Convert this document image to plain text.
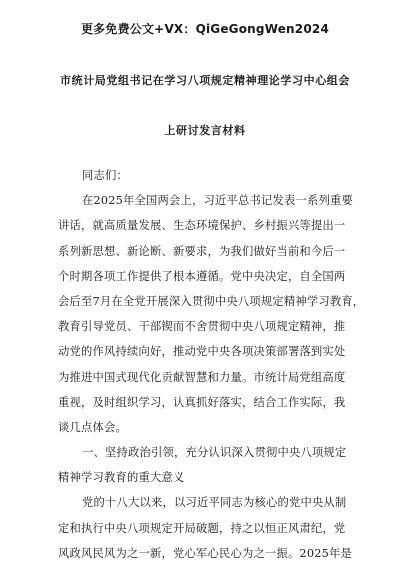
更多免费公文+VX：QiGeGongWen2024
市统计局党组书记在学习八项规定精神理论学习中心组会
上研讨发言材料
同志们：
在2025年全国两会上，习近平总书记发表一系列重要
讲话，就高质量发展、生态环境保护、乡村振兴等提出一
系列新思想、新论断、新要求，为我们做好当前和今后一
个时期各项工作提供了根本遵循。党中央决定，自全国两
会后至7月在全党开展深入贯彻中央八项规定精神学习教育，
教育引导党员、干部锲而不舍贯彻中央八项规定精神，推
动党的作风持续向好，推动党中央各项决策部署落到实处
为推进中国式现代化贡献智慧和力量。市统计局党组高度
重视，及时组织学习，认真抓好落实，结合工作实际，我
谈几点体会。
一、坚持政治引领，充分认识深入贯彻中央八项规定
精神学习教育的重大意义
党的十八大以来，以习近平同志为核心的党中央从制
定和执行中央八项规定开局破题，持之以恒正风肃纪，党
风政风民风为之一新，党心军心民心为之一振。2025年是
